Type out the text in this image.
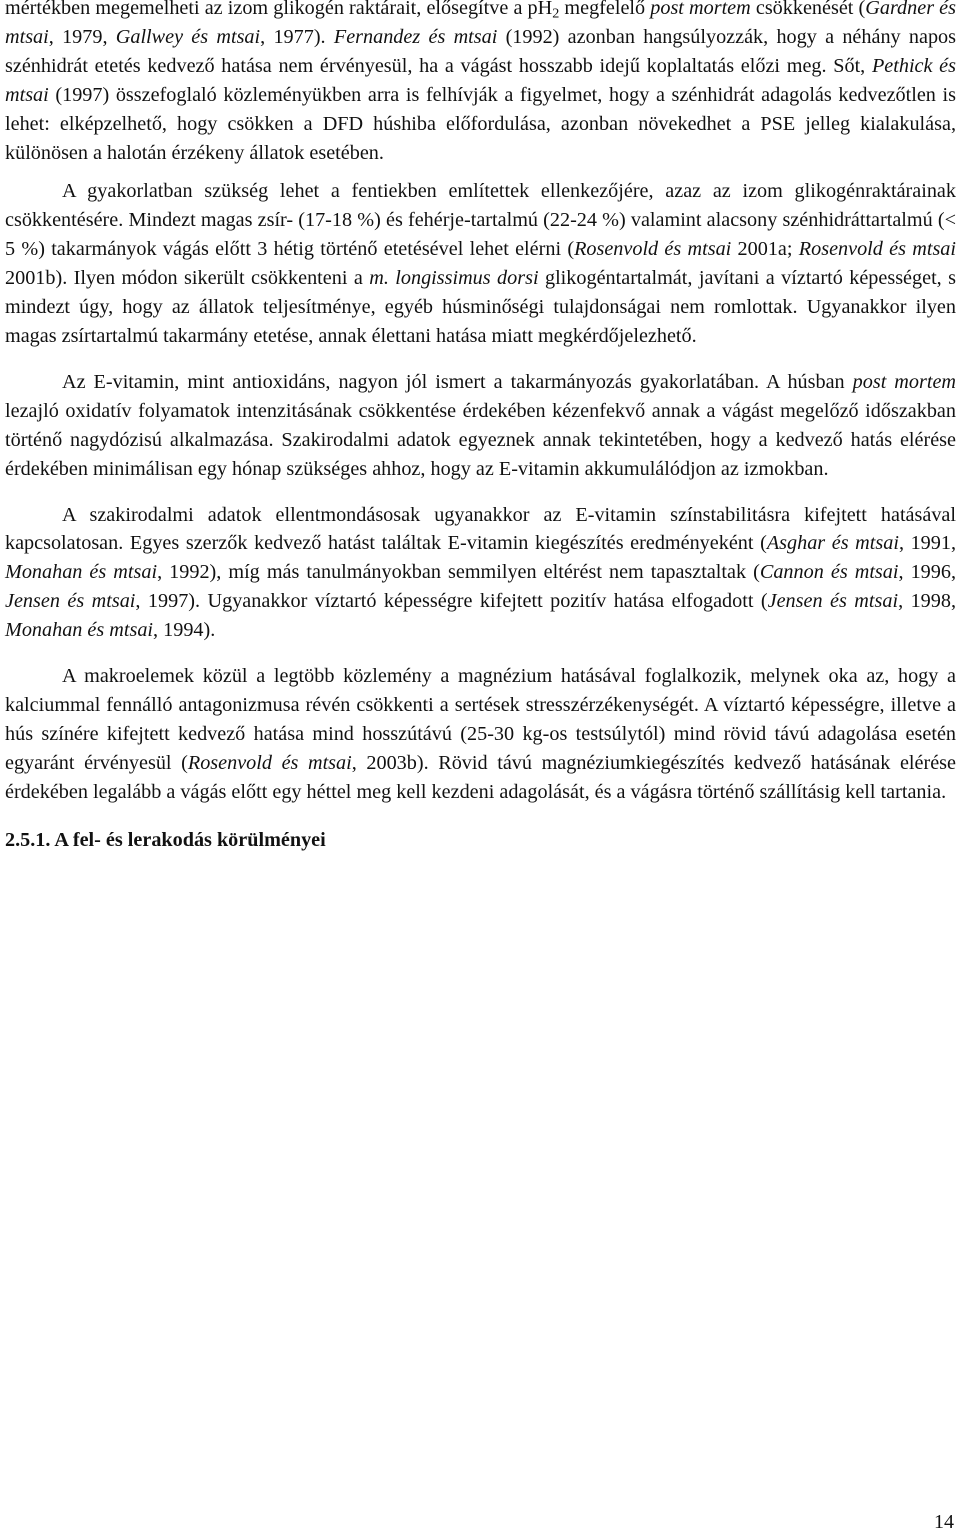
mértékben megemelheti az izom glikogén raktárait, elősegítve a $pH_2$ megfelelő post mortem csökkenését (Gardner és mtsai, 1979, Gallwey és mtsai, 1977). Fernandez és mtsai (1992) azonban hangsúlyozzák, hogy a néhány napos szénhidrát etetés kedvező hatása nem érvényesül, ha a vágást hosszabb idejű koplaltatás előzi meg. Sőt, Pethick és mtsai (1997) összefoglaló közleményükben arra is felhívják a figyelmet, hogy a szénhidrát adagolás kedvezőtlen is lehet: elképzelhető, hogy csökken a DFD húshiba előfordulása, azonban növekedhet a PSE jelleg kialakulása, különösen a halotán érzékeny állatok esetében.

A gyakorlatban szükség lehet a fentiekben említettek ellenkezőjére, azaz az izom glikogénraktárainak csökkentésére. Mindezt magas zsír- (17-18 %) és fehérje-tartalmú (22-24 %) valamint alacsony szénhidráttartalmú (< 5 %) takarmányok vágás előtt 3 hétig történő etetésével lehet elérni (Rosenvold és mtsai 2001a; Rosenvold és mtsai 2001b). Ilyen módon sikerült csökkenteni a m. longissimus dorsi glikogéntartalmát, javítani a víztartó képességet, s mindezt úgy, hogy az állatok teljesítménye, egyéb húsminőségi tulajdonságai nem romlottak. Ugyanakkor ilyen magas zsírtartalmú takarmány etetése, annak élettani hatása miatt megkérdőjelezhető.

Az E-vitamin, mint antioxidáns, nagyon jól ismert a takarmányozás gyakorlatában. A húsban post mortem lezajló oxidatív folyamatok intenzitásának csökkentése érdekében kézenfekvő annak a vágást megelőző időszakban történő nagydózisú alkalmazása. Szakirodalmi adatok egyeznek annak tekintetében, hogy a kedvező hatás elérése érdekében minimálisan egy hónap szükséges ahhoz, hogy az E-vitamin akkumulálódjon az izmokban.

A szakirodalmi adatok ellentmondásosak ugyanakkor az E-vitamin színstabilitásra kifejtett hatásával kapcsolatosan. Egyes szerzők kedvező hatást találtak E-vitamin kiegészítés eredményeként (Asghar és mtsai, 1991, Monahan és mtsai, 1992), míg más tanulmányokban semmilyen eltérést nem tapasztaltak (Cannon és mtsai, 1996, Jensen és mtsai, 1997). Ugyanakkor víztartó képességre kifejtett pozitív hatása elfogadott (Jensen és mtsai, 1998, Monahan és mtsai, 1994).

A makroelemek közül a legtöbb közlemény a magnézium hatásával foglalkozik, melynek oka az, hogy a kalciummal fennálló antagonizmusa révén csökkenti a sertések stresszérzékenységét. A víztartó képességre, illetve a hús színére kifejtett kedvező hatása mind hosszútávú (25-30 kg-os testsúlytól) mind rövid távú adagolása esetén egyaránt érvényesül (Rosenvold és mtsai, 2003b). Rövid távú magnéziumkiegészítés kedvező hatásának elérése érdekében legalább a vágás előtt egy héttel meg kell kezdeni adagolását, és a vágásra történő szállításig kell tartania.

2.5.1. A fel- és lerakodás körülményei

14
